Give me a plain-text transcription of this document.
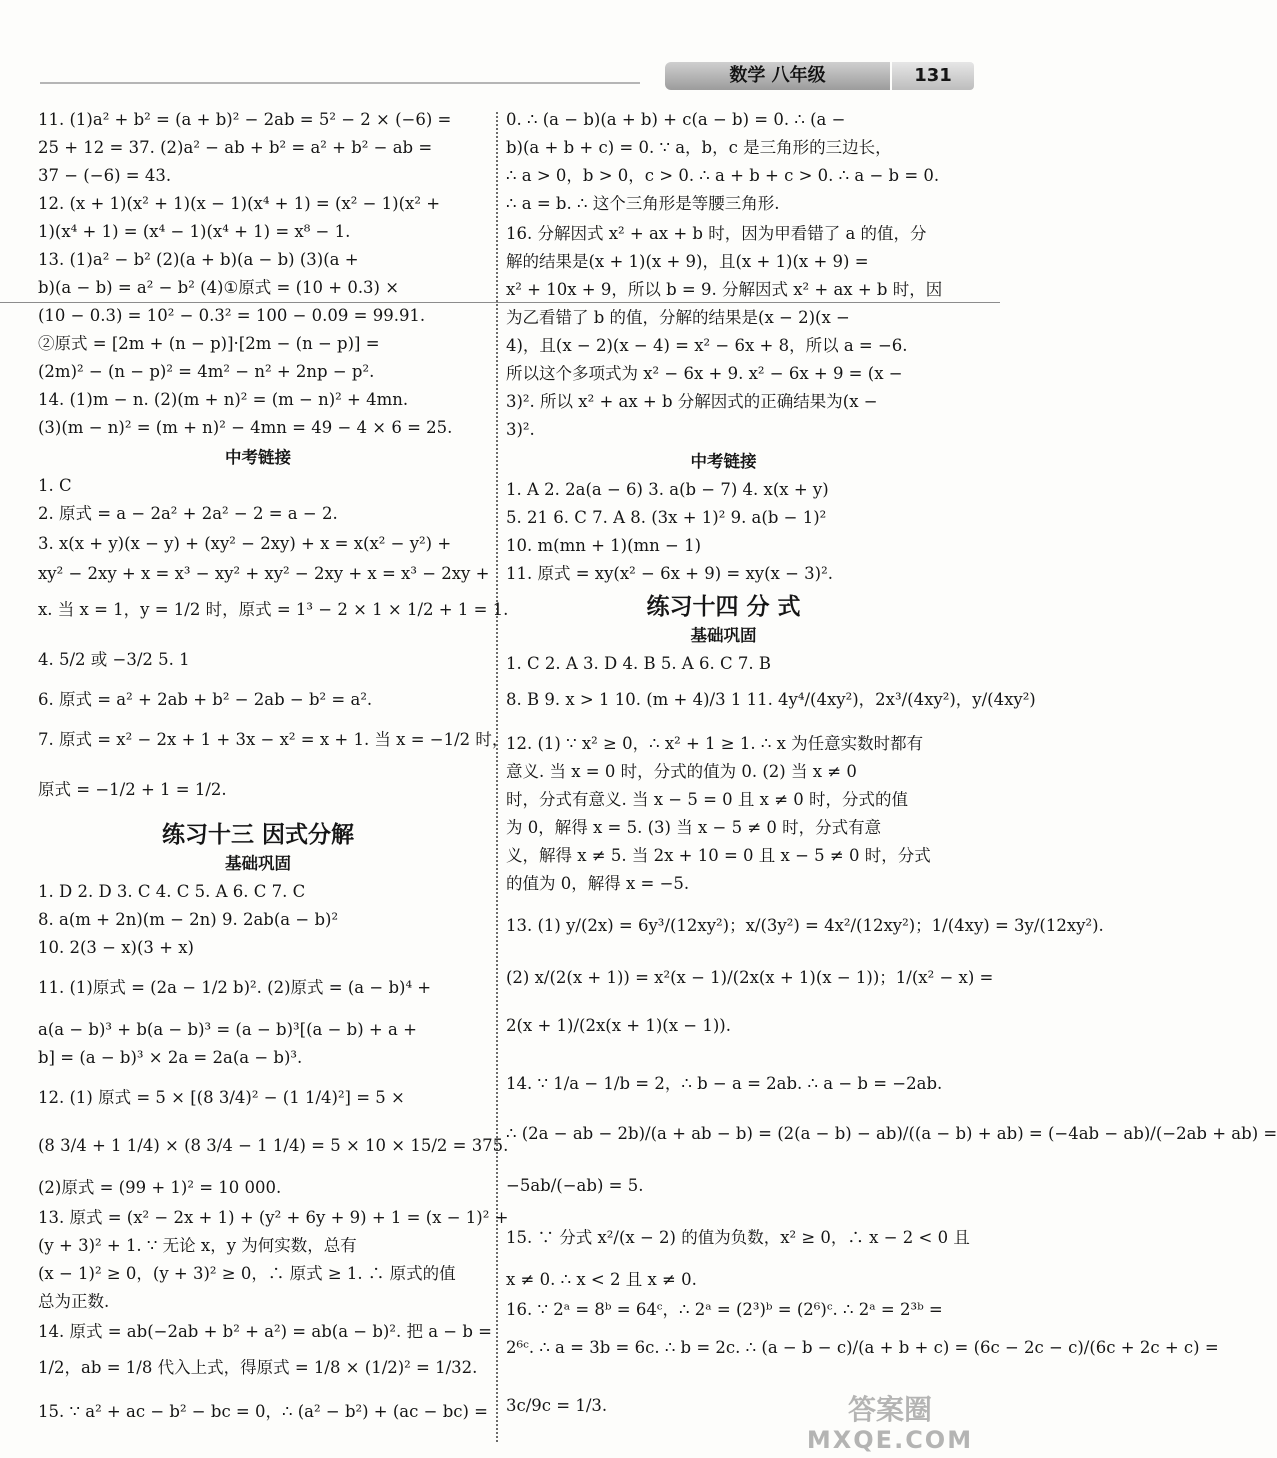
数学 八年级	131
11. (1)a² + b² = (a + b)² − 2ab = 5² − 2 × (−6) =
25 + 12 = 37. (2)a² − ab + b² = a² + b² − ab =
37 − (−6) = 43.
12. (x + 1)(x² + 1)(x − 1)(x⁴ + 1) = (x² − 1)(x² +
1)(x⁴ + 1) = (x⁴ − 1)(x⁴ + 1) = x⁸ − 1.
13. (1)a² − b² (2)(a + b)(a − b) (3)(a +
b)(a − b) = a² − b² (4)①原式 = (10 + 0.3) ×
(10 − 0.3) = 10² − 0.3² = 100 − 0.09 = 99.91.
②原式 = [2m + (n − p)]·[2m − (n − p)] =
(2m)² − (n − p)² = 4m² − n² + 2np − p².
14. (1)m − n. (2)(m + n)² = (m − n)² + 4mn.
(3)(m − n)² = (m + n)² − 4mn = 49 − 4 × 6 = 25.
中考链接
1. C
2. 原式 = a − 2a² + 2a² − 2 = a − 2.
3. x(x + y)(x − y) + (xy² − 2xy) + x = x(x² − y²) +
xy² − 2xy + x = x³ − xy² + xy² − 2xy + x = x³ − 2xy +
x. 当 x = 1，y = 1/2 时，原式 = 1³ − 2 × 1 × 1/2 + 1 = 1.
4. 5/2 或 −3/2 5. 1
6. 原式 = a² + 2ab + b² − 2ab − b² = a².
7. 原式 = x² − 2x + 1 + 3x − x² = x + 1. 当 x = −1/2 时，
原式 = −1/2 + 1 = 1/2.
练习十三 因式分解
基础巩固
1. D 2. D 3. C 4. C 5. A 6. C 7. C
8. a(m + 2n)(m − 2n) 9. 2ab(a − b)²
10. 2(3 − x)(3 + x)
11. (1)原式 = (2a − 1/2 b)². (2)原式 = (a − b)⁴ +
a(a − b)³ + b(a − b)³ = (a − b)³[(a − b) + a +
b] = (a − b)³ × 2a = 2a(a − b)³.
12. (1) 原式 = 5 × [(8 3/4)² − (1 1/4)²] = 5 ×
(8 3/4 + 1 1/4) × (8 3/4 − 1 1/4) = 5 × 10 × 15/2 = 375.
(2)原式 = (99 + 1)² = 10 000.
13. 原式 = (x² − 2x + 1) + (y² + 6y + 9) + 1 = (x − 1)² +
(y + 3)² + 1. ∵ 无论 x，y 为何实数，总有
(x − 1)² ≥ 0，(y + 3)² ≥ 0，∴ 原式 ≥ 1. ∴ 原式的值
总为正数.
14. 原式 = ab(−2ab + b² + a²) = ab(a − b)². 把 a − b =
1/2，ab = 1/8 代入上式，得原式 = 1/8 × (1/2)² = 1/32.
15. ∵ a² + ac − b² − bc = 0，∴ (a² − b²) + (ac − bc) =
0. ∴ (a − b)(a + b) + c(a − b) = 0. ∴ (a −
b)(a + b + c) = 0. ∵ a，b，c 是三角形的三边长，
∴ a > 0，b > 0，c > 0. ∴ a + b + c > 0. ∴ a − b = 0.
∴ a = b. ∴ 这个三角形是等腰三角形.
16. 分解因式 x² + ax + b 时，因为甲看错了 a 的值，分
解的结果是(x + 1)(x + 9)，且(x + 1)(x + 9) =
x² + 10x + 9，所以 b = 9. 分解因式 x² + ax + b 时，因
为乙看错了 b 的值，分解的结果是(x − 2)(x −
4)，且(x − 2)(x − 4) = x² − 6x + 8，所以 a = −6.
所以这个多项式为 x² − 6x + 9. x² − 6x + 9 = (x −
3)². 所以 x² + ax + b 分解因式的正确结果为(x −
3)².
中考链接
1. A 2. 2a(a − 6) 3. a(b − 7) 4. x(x + y)
5. 21 6. C 7. A 8. (3x + 1)² 9. a(b − 1)²
10. m(mn + 1)(mn − 1)
11. 原式 = xy(x² − 6x + 9) = xy(x − 3)².
练习十四 分 式
基础巩固
1. C 2. A 3. D 4. B 5. A 6. C 7. B
8. B 9. x > 1 10. (m + 4)/3 1 11. 4y⁴/(4xy²)，2x³/(4xy²)，y/(4xy²)
12. (1) ∵ x² ≥ 0，∴ x² + 1 ≥ 1. ∴ x 为任意实数时都有
意义. 当 x = 0 时，分式的值为 0. (2) 当 x ≠ 0
时，分式有意义. 当 x − 5 = 0 且 x ≠ 0 时，分式的值
为 0，解得 x = 5. (3) 当 x − 5 ≠ 0 时，分式有意
义，解得 x ≠ 5. 当 2x + 10 = 0 且 x − 5 ≠ 0 时，分式
的值为 0，解得 x = −5.
13. (1) y/(2x) = 6y³/(12xy²)；x/(3y²) = 4x²/(12xy²)；1/(4xy) = 3y/(12xy²).
(2) x/(2(x + 1)) = x²(x − 1)/(2x(x + 1)(x − 1))；1/(x² − x) =
2(x + 1)/(2x(x + 1)(x − 1)).
14. ∵ 1/a − 1/b = 2，∴ b − a = 2ab. ∴ a − b = −2ab.
∴ (2a − ab − 2b)/(a + ab − b) = (2(a − b) − ab)/((a − b) + ab) = (−4ab − ab)/(−2ab + ab) =
−5ab/(−ab) = 5.
15. ∵ 分式 x²/(x − 2) 的值为负数，x² ≥ 0，∴ x − 2 < 0 且
x ≠ 0. ∴ x < 2 且 x ≠ 0.
16. ∵ 2ᵃ = 8ᵇ = 64ᶜ，∴ 2ᵃ = (2³)ᵇ = (2⁶)ᶜ. ∴ 2ᵃ = 2³ᵇ =
2⁶ᶜ. ∴ a = 3b = 6c. ∴ b = 2c. ∴ (a − b − c)/(a + b + c) = (6c − 2c − c)/(6c + 2c + c) =
3c/9c = 1/3.	答案圈
MXQE.COM
